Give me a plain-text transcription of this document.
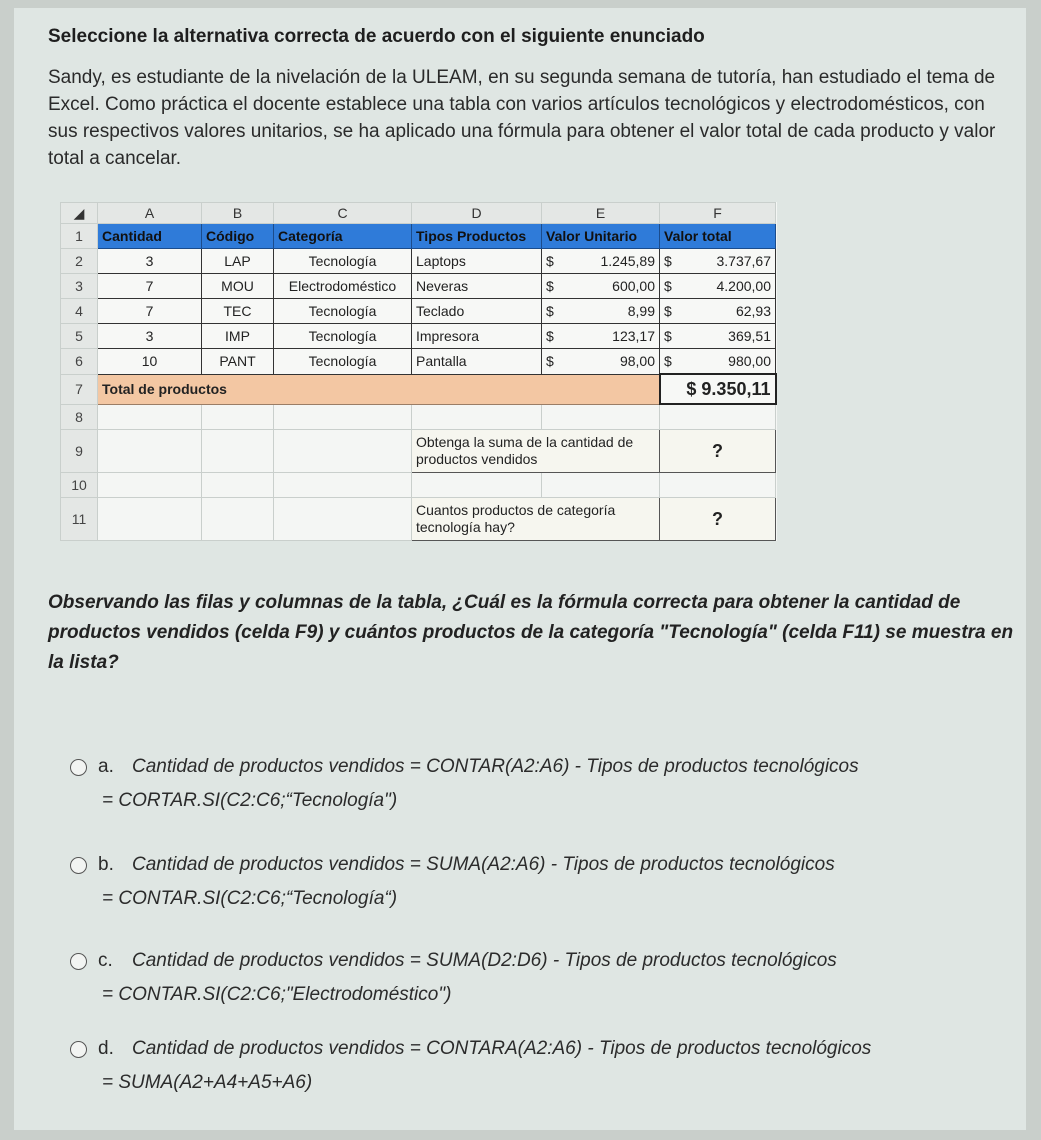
Seleccione la alternativa correcta de acuerdo con el siguiente enunciado
Sandy, es estudiante de la nivelación de la ULEAM, en su segunda semana de tutoría, han estudiado el tema de Excel. Como práctica el docente establece una tabla con varios artículos tecnológicos y electrodomésticos, con sus respectivos valores unitarios, se ha aplicado una fórmula para obtener el valor total de cada producto y valor total a cancelar.
◢	A	B	C	D	E	F
1	Cantidad	Código	Categoría	Tipos Productos	Valor Unitario	Valor total
2	3	LAP	Tecnología	Laptops	$ 1.245,89	$ 3.737,67

3	7	MOU	Electrodoméstico	Neveras	$ 600,00	$ 4.200,00

4	7	TEC	Tecnología	Teclado	$ 8,99	$ 62,93

5	3	IMP	Tecnología	Impresora	$ 123,17	$ 369,51

6	10	PANT	Tecnología	Pantalla	$ 98,00	$ 980,00

7	Total de productos					$ 9.350,11
8						
9				Obtenga la suma de la cantidad de productos vendidos		?
10						
11				Cuantos productos de categoría tecnología hay?		?
Observando las filas y columnas de la tabla, ¿Cuál es la fórmula correcta para obtener la cantidad de productos vendidos (celda F9) y cuántos productos de la categoría "Tecnología" (celda F11) se muestra en la lista?
a. Cantidad de productos vendidos = CONTAR(A2:A6) - Tipos de productos tecnológicos
= CORTAR.SI(C2:C6;“Tecnología")
b. Cantidad de productos vendidos = SUMA(A2:A6) - Tipos de productos tecnológicos
= CONTAR.SI(C2:C6;“Tecnología“)
c. Cantidad de productos vendidos = SUMA(D2:D6) - Tipos de productos tecnológicos
= CONTAR.SI(C2:C6;"Electrodoméstico")
d. Cantidad de productos vendidos = CONTARA(A2:A6) - Tipos de productos tecnológicos
= SUMA(A2+A4+A5+A6)
